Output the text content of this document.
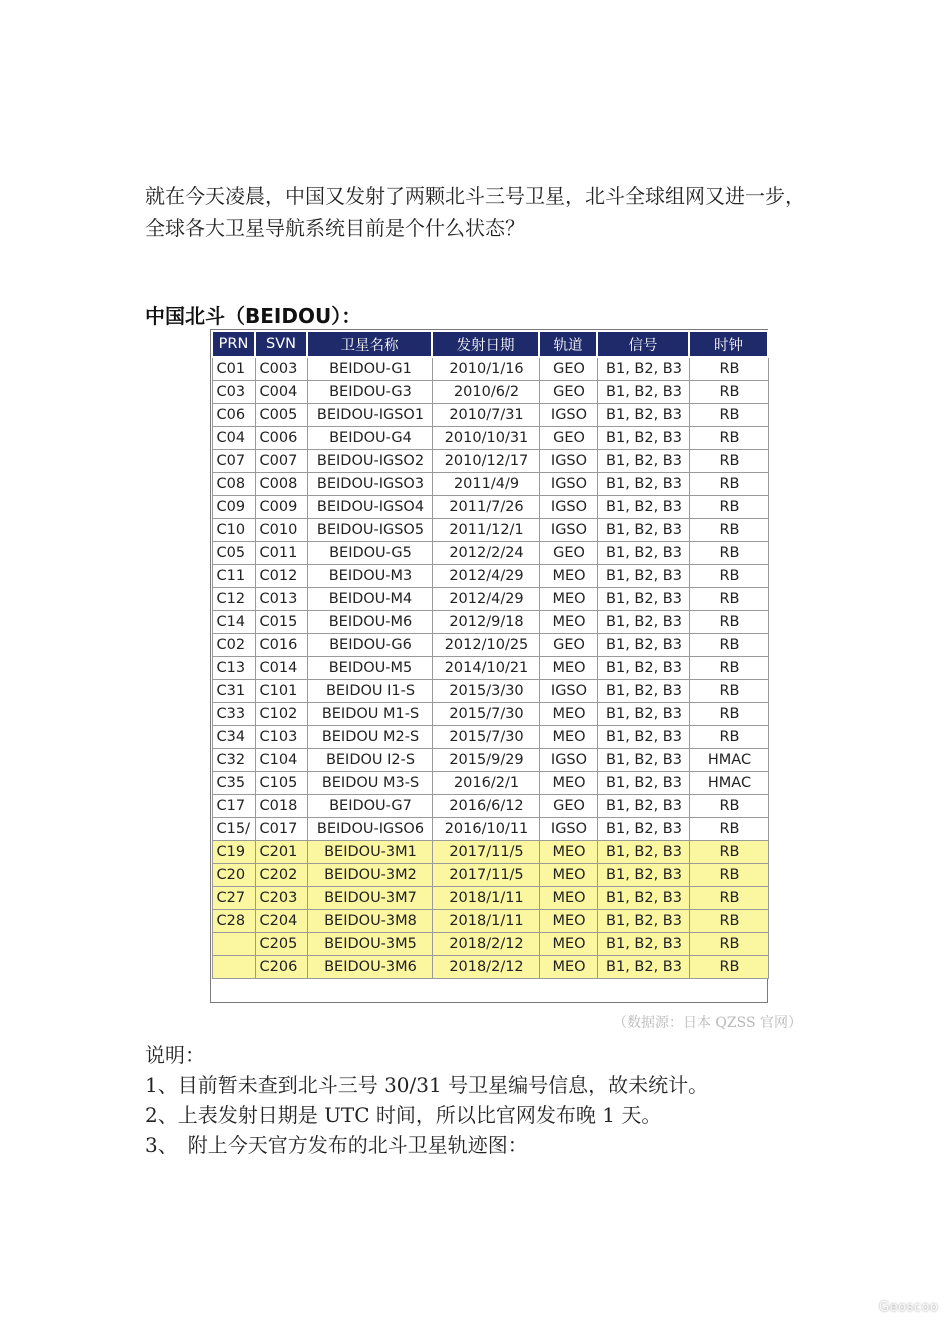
就在今天凌晨，中国又发射了两颗北斗三号卫星，北斗全球组网又进一步，全球各大卫星导航系统目前是个什么状态？

中国北斗（BEIDOU）：
PRN	SVN	卫星名称	发射日期	轨道	信号	时钟
C01	C003	BEIDOU-G1	2010/1/16	GEO	B1, B2, B3	RB
C03	C004	BEIDOU-G3	2010/6/2	GEO	B1, B2, B3	RB
C06	C005	BEIDOU-IGSO1	2010/7/31	IGSO	B1, B2, B3	RB
C04	C006	BEIDOU-G4	2010/10/31	GEO	B1, B2, B3	RB
C07	C007	BEIDOU-IGSO2	2010/12/17	IGSO	B1, B2, B3	RB
C08	C008	BEIDOU-IGSO3	2011/4/9	IGSO	B1, B2, B3	RB
C09	C009	BEIDOU-IGSO4	2011/7/26	IGSO	B1, B2, B3	RB
C10	C010	BEIDOU-IGSO5	2011/12/1	IGSO	B1, B2, B3	RB
C05	C011	BEIDOU-G5	2012/2/24	GEO	B1, B2, B3	RB
C11	C012	BEIDOU-M3	2012/4/29	MEO	B1, B2, B3	RB
C12	C013	BEIDOU-M4	2012/4/29	MEO	B1, B2, B3	RB
C14	C015	BEIDOU-M6	2012/9/18	MEO	B1, B2, B3	RB
C02	C016	BEIDOU-G6	2012/10/25	GEO	B1, B2, B3	RB
C13	C014	BEIDOU-M5	2014/10/21	MEO	B1, B2, B3	RB
C31	C101	BEIDOU I1-S	2015/3/30	IGSO	B1, B2, B3	RB
C33	C102	BEIDOU M1-S	2015/7/30	MEO	B1, B2, B3	RB
C34	C103	BEIDOU M2-S	2015/7/30	MEO	B1, B2, B3	RB
C32	C104	BEIDOU I2-S	2015/9/29	IGSO	B1, B2, B3	HMAC
C35	C105	BEIDOU M3-S	2016/2/1	MEO	B1, B2, B3	HMAC
C17	C018	BEIDOU-G7	2016/6/12	GEO	B1, B2, B3	RB
C15/	C017	BEIDOU-IGSO6	2016/10/11	IGSO	B1, B2, B3	RB
C19	C201	BEIDOU-3M1	2017/11/5	MEO	B1, B2, B3	RB
C20	C202	BEIDOU-3M2	2017/11/5	MEO	B1, B2, B3	RB
C27	C203	BEIDOU-3M7	2018/1/11	MEO	B1, B2, B3	RB
C28	C204	BEIDOU-3M8	2018/1/11	MEO	B1, B2, B3	RB
	C205	BEIDOU-3M5	2018/2/12	MEO	B1, B2, B3	RB
	C206	BEIDOU-3M6	2018/2/12	MEO	B1, B2, B3	RB
Geoscoo

（数据源：日本 QZSS 官网）

说明：
1、目前暂未查到北斗三号 30/31 号卫星编号信息，故未统计。
2、上表发射日期是 UTC 时间，所以比官网发布晚 1 天。
3、　附上今天官方发布的北斗卫星轨迹图：
